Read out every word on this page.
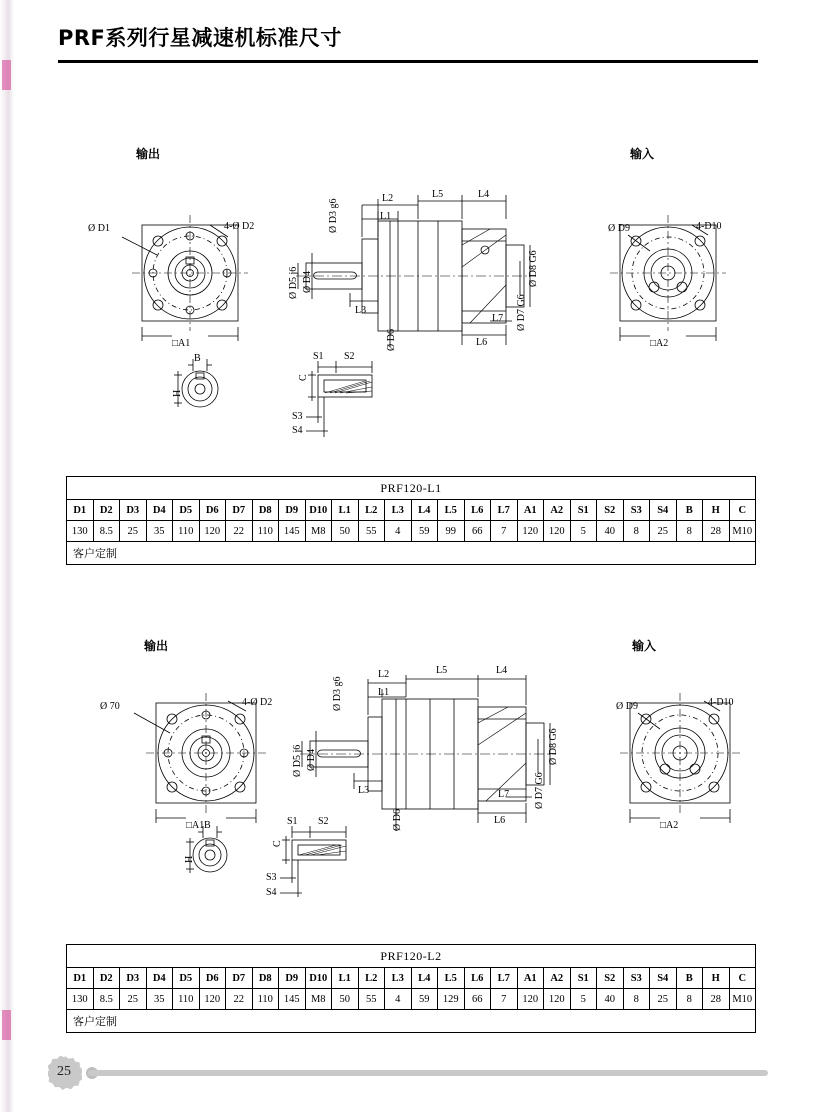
PRF系列行星减速机标准尺寸
输出	输入
Ø D1	4-Ø D2
□A1
B
H
S1 S2
S3
S4
C
Ø D3 g6
Ø D4
Ø D5 j6
Ø D6
Ø D7 G6
Ø D8 G6
L1
L2
L3
L4
L5
L6
L7
Ø D9	4-D10
□A2
PRF120-L1																									
D1	D2	D3	D4	D5	D6	D7	D8	D9	D10	L1	L2	L3	L4	L5	L6	L7	A1	A2	S1	S2	S3	S4	B	H	C
130	8.5	25	35	110	120	22	110	145	M8	50	55	4	59	99	66	7	120	120	5	40	8	25	8	28	M10
客户定制																									
输出	输入
Ø 70	4-Ø D2
□A1 B
H
S1 S2
S3
S4
C
Ø D3 g6
Ø D4
Ø D5 j6
Ø D6
Ø D7 G6
Ø D8 G6
L1
L2
L3
L4
L5
L6
L7
Ø D9	4-D10
□A2
PRF120-L2																									
D1	D2	D3	D4	D5	D6	D7	D8	D9	D10	L1	L2	L3	L4	L5	L6	L7	A1	A2	S1	S2	S3	S4	B	H	C
130	8.5	25	35	110	120	22	110	145	M8	50	55	4	59	129	66	7	120	120	5	40	8	25	8	28	M10
客户定制																									
25
